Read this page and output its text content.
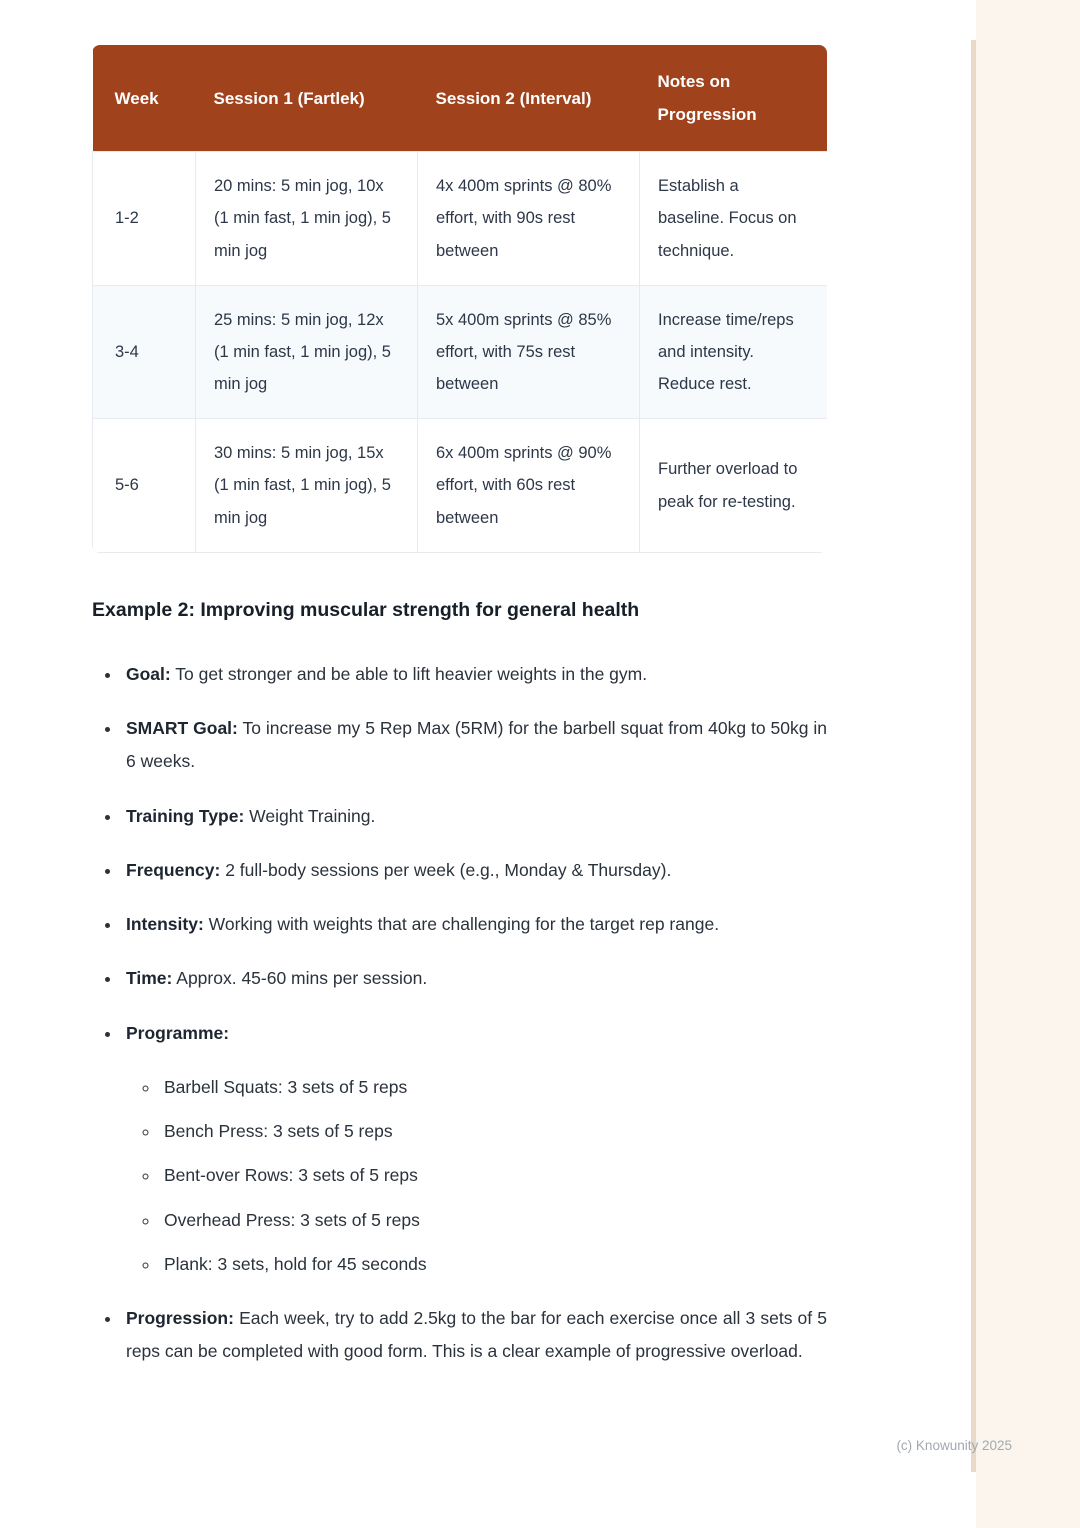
Week	Session 1 (Fartlek)	Session 2 (Interval)	Notes on Progression
1-2	20 mins: 5 min jog, 10x (1 min fast, 1 min jog), 5 min jog	4x 400m sprints @ 80% effort, with 90s rest between	Establish a baseline. Focus on technique.
3-4	25 mins: 5 min jog, 12x (1 min fast, 1 min jog), 5 min jog	5x 400m sprints @ 85% effort, with 75s rest between	Increase time/reps and intensity. Reduce rest.
5-6	30 mins: 5 min jog, 15x (1 min fast, 1 min jog), 5 min jog	6x 400m sprints @ 90% effort, with 60s rest between	Further overload to peak for re-testing.
Example 2: Improving muscular strength for general health
• Goal: To get stronger and be able to lift heavier weights in the gym.
• SMART Goal: To increase my 5 Rep Max (5RM) for the barbell squat from 40kg to 50kg in 6 weeks.
• Training Type: Weight Training.
• Frequency: 2 full-body sessions per week (e.g., Monday & Thursday).
• Intensity: Working with weights that are challenging for the target rep range.
• Time: Approx. 45-60 mins per session.
• Programme:
◦ Barbell Squats: 3 sets of 5 reps
◦ Bench Press: 3 sets of 5 reps
◦ Bent-over Rows: 3 sets of 5 reps
◦ Overhead Press: 3 sets of 5 reps
◦ Plank: 3 sets, hold for 45 seconds
• Progression: Each week, try to add 2.5kg to the bar for each exercise once all 3 sets of 5 reps can be completed with good form. This is a clear example of progressive overload.
(c) Knowunity 2025
